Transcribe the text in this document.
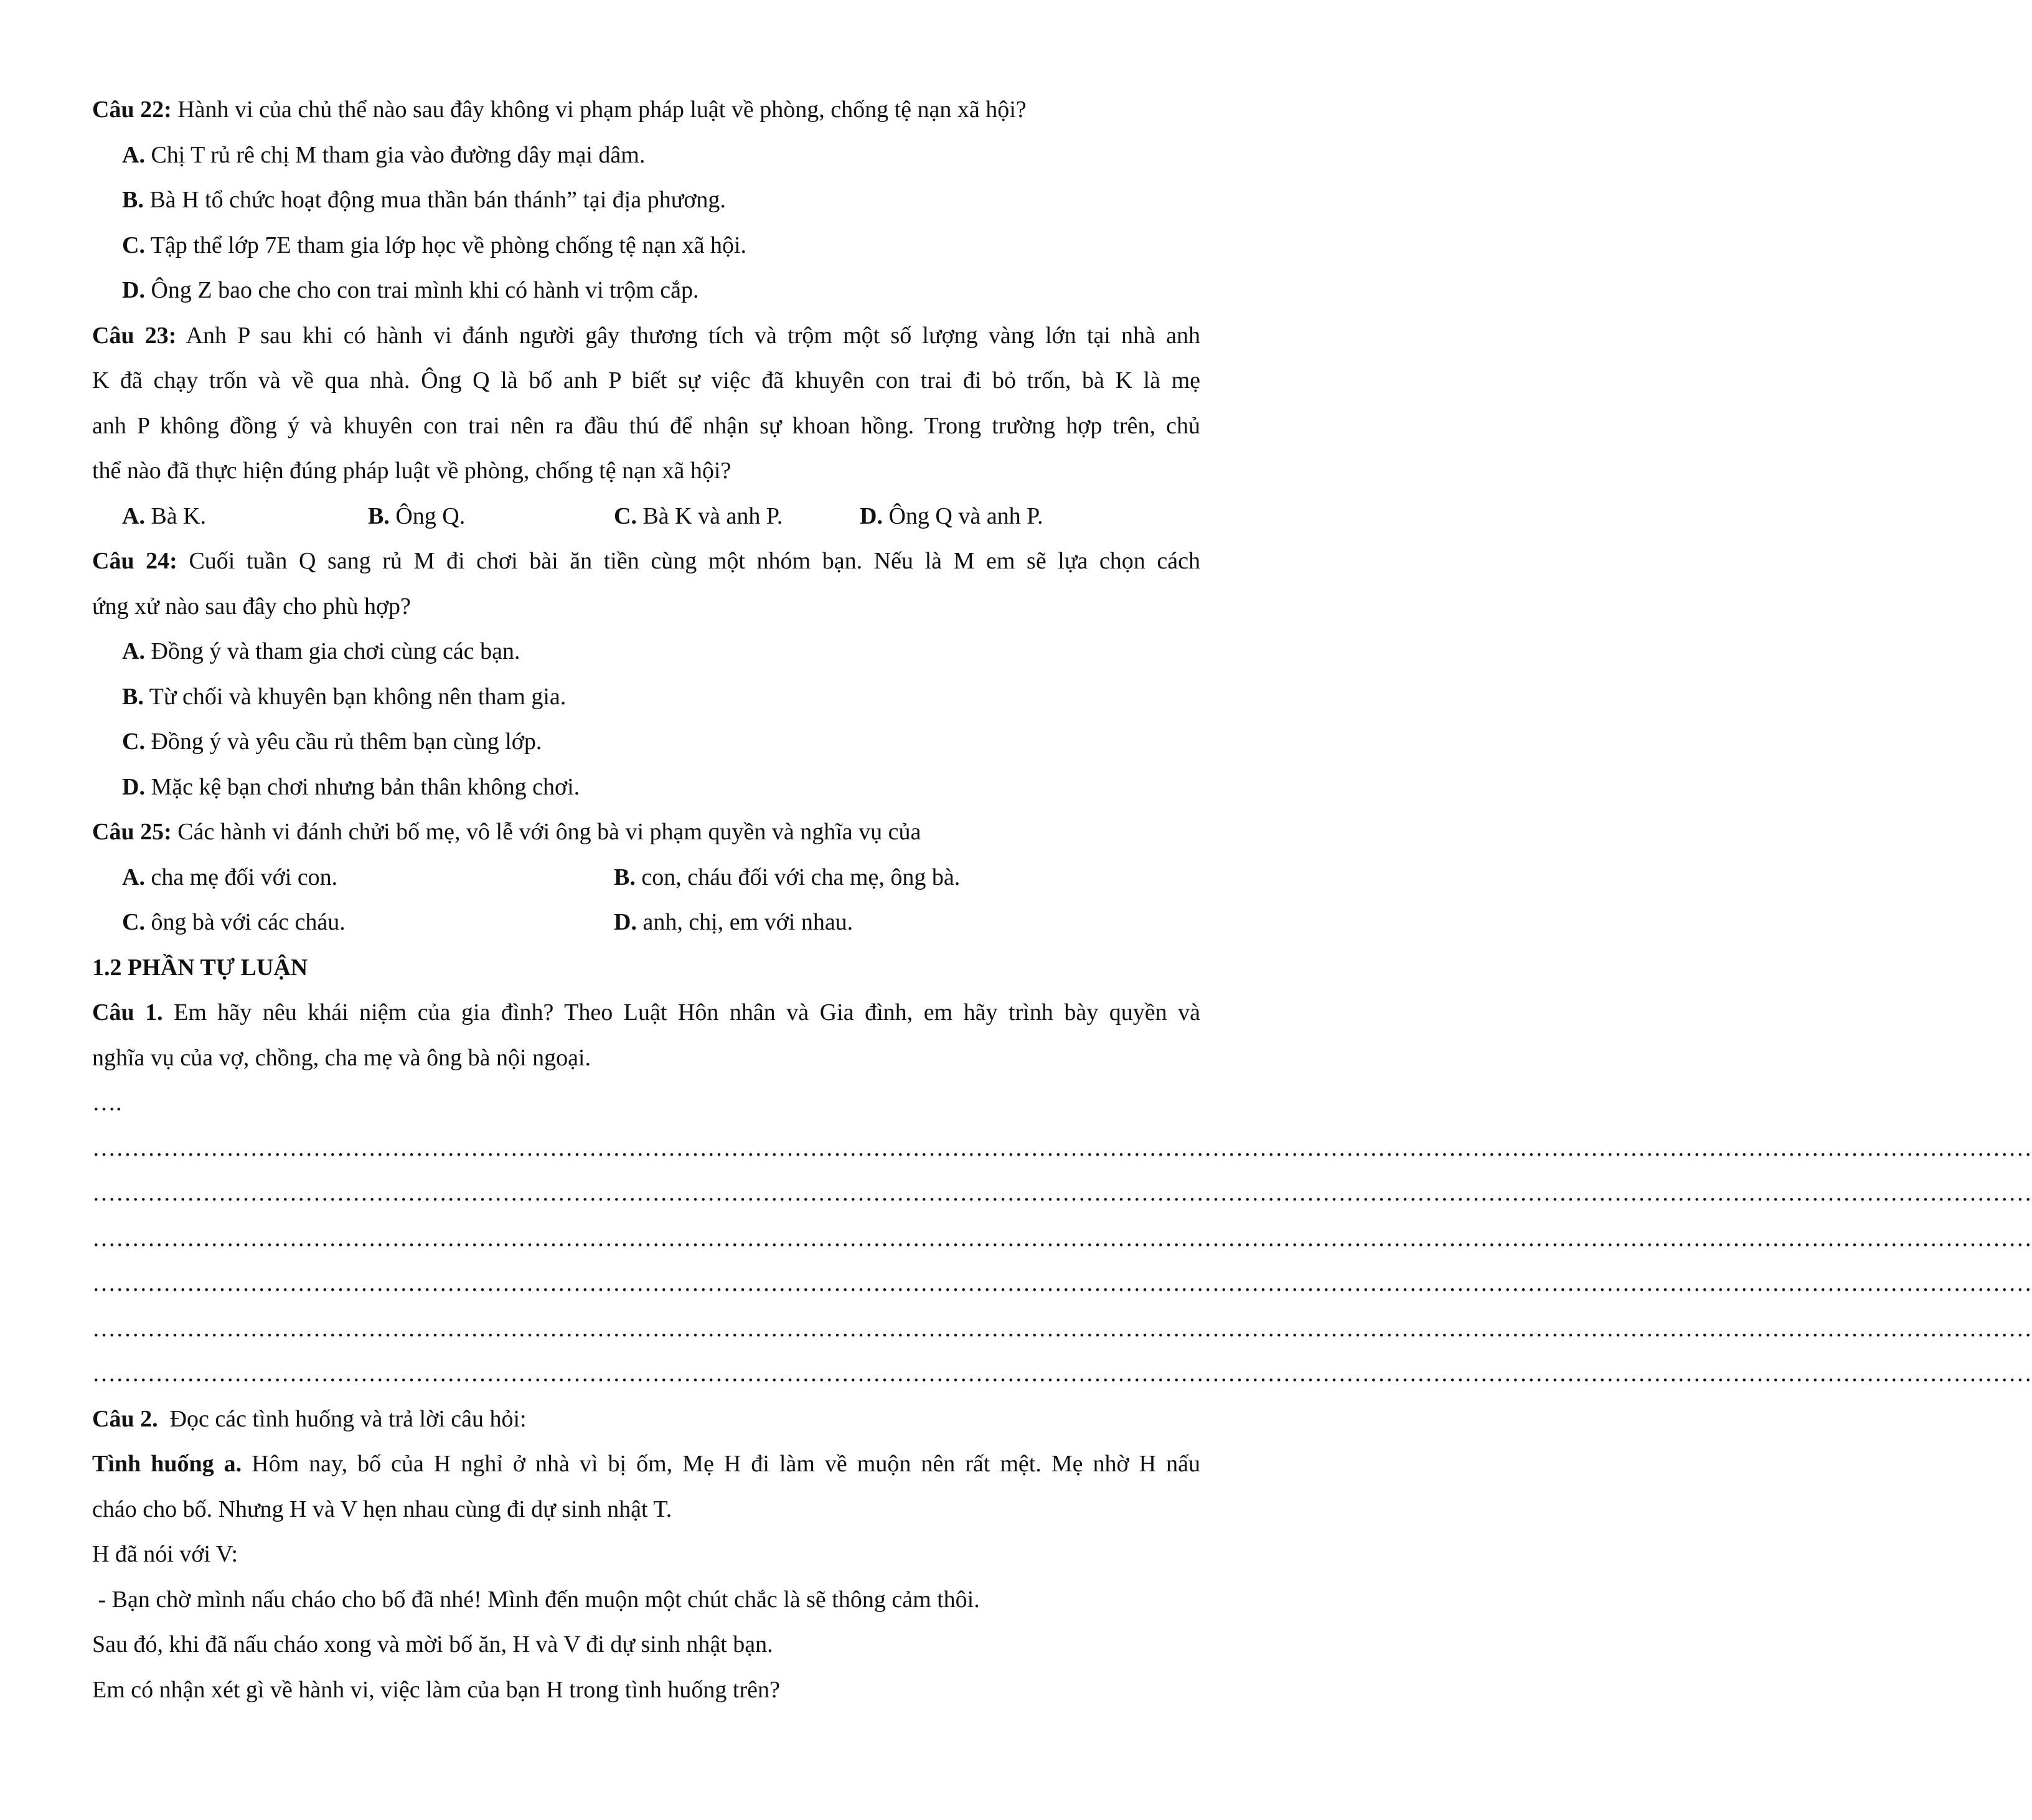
Câu 22: Hành vi của chủ thể nào sau đây không vi phạm pháp luật về phòng, chống tệ nạn xã hội?
A. Chị T rủ rê chị M tham gia vào đường dây mại dâm.
B. Bà H tổ chức hoạt động mua thần bán thánh” tại địa phương.
C. Tập thể lớp 7E tham gia lớp học về phòng chống tệ nạn xã hội.
D. Ông Z bao che cho con trai mình khi có hành vi trộm cắp.
Câu 23: Anh P sau khi có hành vi đánh người gây thương tích và trộm một số lượng vàng lớn tại nhà anh
K đã chạy trốn và về qua nhà. Ông Q là bố anh P biết sự việc đã khuyên con trai đi bỏ trốn, bà K là mẹ
anh P không đồng ý và khuyên con trai nên ra đầu thú để nhận sự khoan hồng. Trong trường hợp trên, chủ
thể nào đã thực hiện đúng pháp luật về phòng, chống tệ nạn xã hội?
A. Bà K.	B. Ông Q.	C. Bà K và anh P.	D. Ông Q và anh P.
Câu 24: Cuối tuần Q sang rủ M đi chơi bài ăn tiền cùng một nhóm bạn. Nếu là M em sẽ lựa chọn cách
ứng xử nào sau đây cho phù hợp?
A. Đồng ý và tham gia chơi cùng các bạn.
B. Từ chối và khuyên bạn không nên tham gia.
C. Đồng ý và yêu cầu rủ thêm bạn cùng lớp.
D. Mặc kệ bạn chơi nhưng bản thân không chơi.
Câu 25: Các hành vi đánh chửi bố mẹ, vô lễ với ông bà vi phạm quyền và nghĩa vụ của
A. cha mẹ đối với con.	B. con, cháu đối với cha mẹ, ông bà.
C. ông bà với các cháu.	D. anh, chị, em với nhau.
1.2 PHẦN TỰ LUẬN
Câu 1. Em hãy nêu khái niệm của gia đình? Theo Luật Hôn nhân và Gia đình, em hãy trình bày quyền và
nghĩa vụ của vợ, chồng, cha mẹ và ông bà nội ngoại.
….
…………………………………………………………………………………………………………………………………………………………………………………………………………………………
…………………………………………………………………………………………………………………………………………………………………………………………………………………………
…………………………………………………………………………………………………………………………………………………………………………………………………………………………
…………………………………………………………………………………………………………………………………………………………………………………………………………………………
…………………………………………………………………………………………………………………………………………………………………………………………………………………………
…………………………………………………………………………………………………………………………………………………………………………………………………………………………
Câu 2.  Đọc các tình huống và trả lời câu hỏi:
Tình huống a. Hôm nay, bố của H nghỉ ở nhà vì bị ốm, Mẹ H đi làm về muộn nên rất mệt. Mẹ nhờ H nấu
cháo cho bố. Nhưng H và V hẹn nhau cùng đi dự sinh nhật T.
H đã nói với V:
- Bạn chờ mình nấu cháo cho bố đã nhé! Mình đến muộn một chút chắc là sẽ thông cảm thôi.
Sau đó, khi đã nấu cháo xong và mời bố ăn, H và V đi dự sinh nhật bạn.
Em có nhận xét gì về hành vi, việc làm của bạn H trong tình huống trên?
